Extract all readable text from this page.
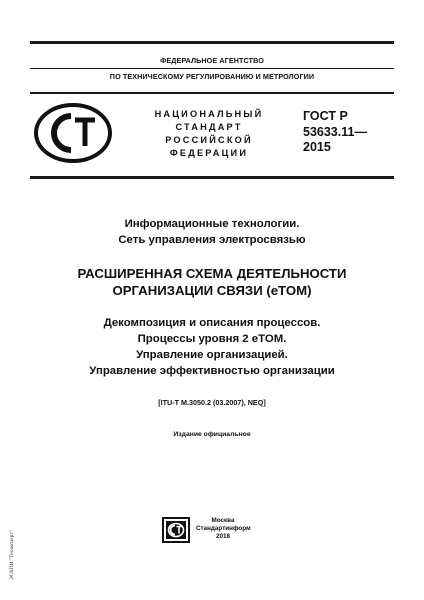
ФЕДЕРАЛЬНОЕ АГЕНТСТВО
ПО ТЕХНИЧЕСКОМУ РЕГУЛИРОВАНИЮ И МЕТРОЛОГИИ
НАЦИОНАЛЬНЫЙ
СТАНДАРТ
РОССИЙСКОЙ
ФЕДЕРАЦИИ
ГОСТ Р
53633.11—
2015
Информационные технологии.
Сеть управления электросвязью
РАСШИРЕННАЯ СХЕМА ДЕЯТЕЛЬНОСТИ
ОРГАНИЗАЦИИ СВЯЗИ (eTOM)
Декомпозиция и описания процессов.
Процессы уровня 2 eTOM.
Управление организацией.
Управление эффективностью организации
[ITU-T M.3050.2 (03.2007), NEQ]
Издание официальное
Москва
Стандартинформ
2018
ЭСКПИ "Техэксперт"
